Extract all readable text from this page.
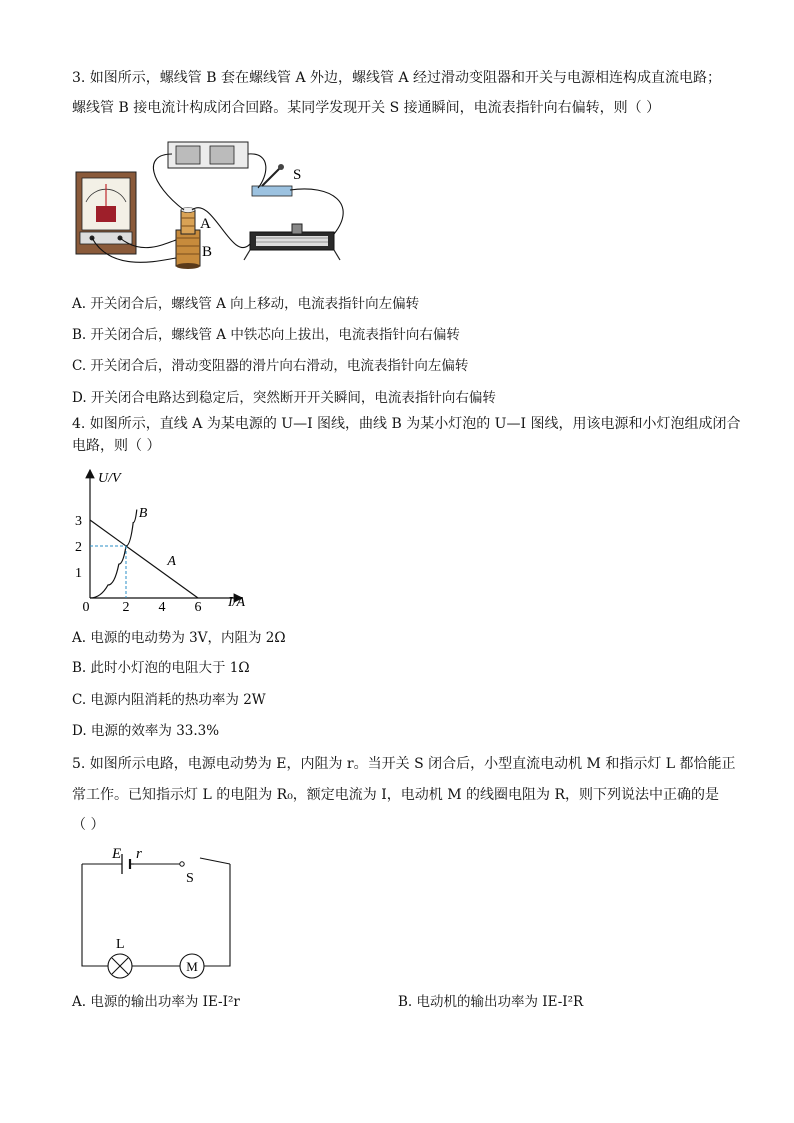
3. 如图所示，螺线管 B 套在螺线管 A 外边，螺线管 A 经过滑动变阻器和开关与电源相连构成直流电路；
螺线管 B 接电流计构成闭合回路。某同学发现开关 S 接通瞬间，电流表指针向右偏转，则（ ）
A
B
S
A. 开关闭合后，螺线管 A 向上移动，电流表指针向左偏转
B. 开关闭合后，螺线管 A 中铁芯向上拔出，电流表指针向右偏转
C. 开关闭合后，滑动变阻器的滑片向右滑动，电流表指针向左偏转
D. 开关闭合电路达到稳定后，突然断开开关瞬间，电流表指针向右偏转
4. 如图所示，直线 A 为某电源的 U—I 图线，曲线 B 为某小灯泡的 U—I 图线，用该电源和小灯泡组成闭合
电路，则（ ）
U/V
I/A
0 2 4 6
1
2
3
A
B
A. 电源的电动势为 3V，内阻为 2Ω
B. 此时小灯泡的电阻大于 1Ω
C. 电源内阻消耗的热功率为 2W
D. 电源的效率为 33.3%
5. 如图所示电路，电源电动势为 E，内阻为 r。当开关 S 闭合后，小型直流电动机 M 和指示灯 L 都恰能正
常工作。已知指示灯 L 的电阻为 R₀，额定电流为 I，电动机 M 的线圈电阻为 R，则下列说法中正确的是
（ ）
E r
S
L
M
A. 电源的输出功率为 IE-I²r	B. 电动机的输出功率为 IE-I²R
